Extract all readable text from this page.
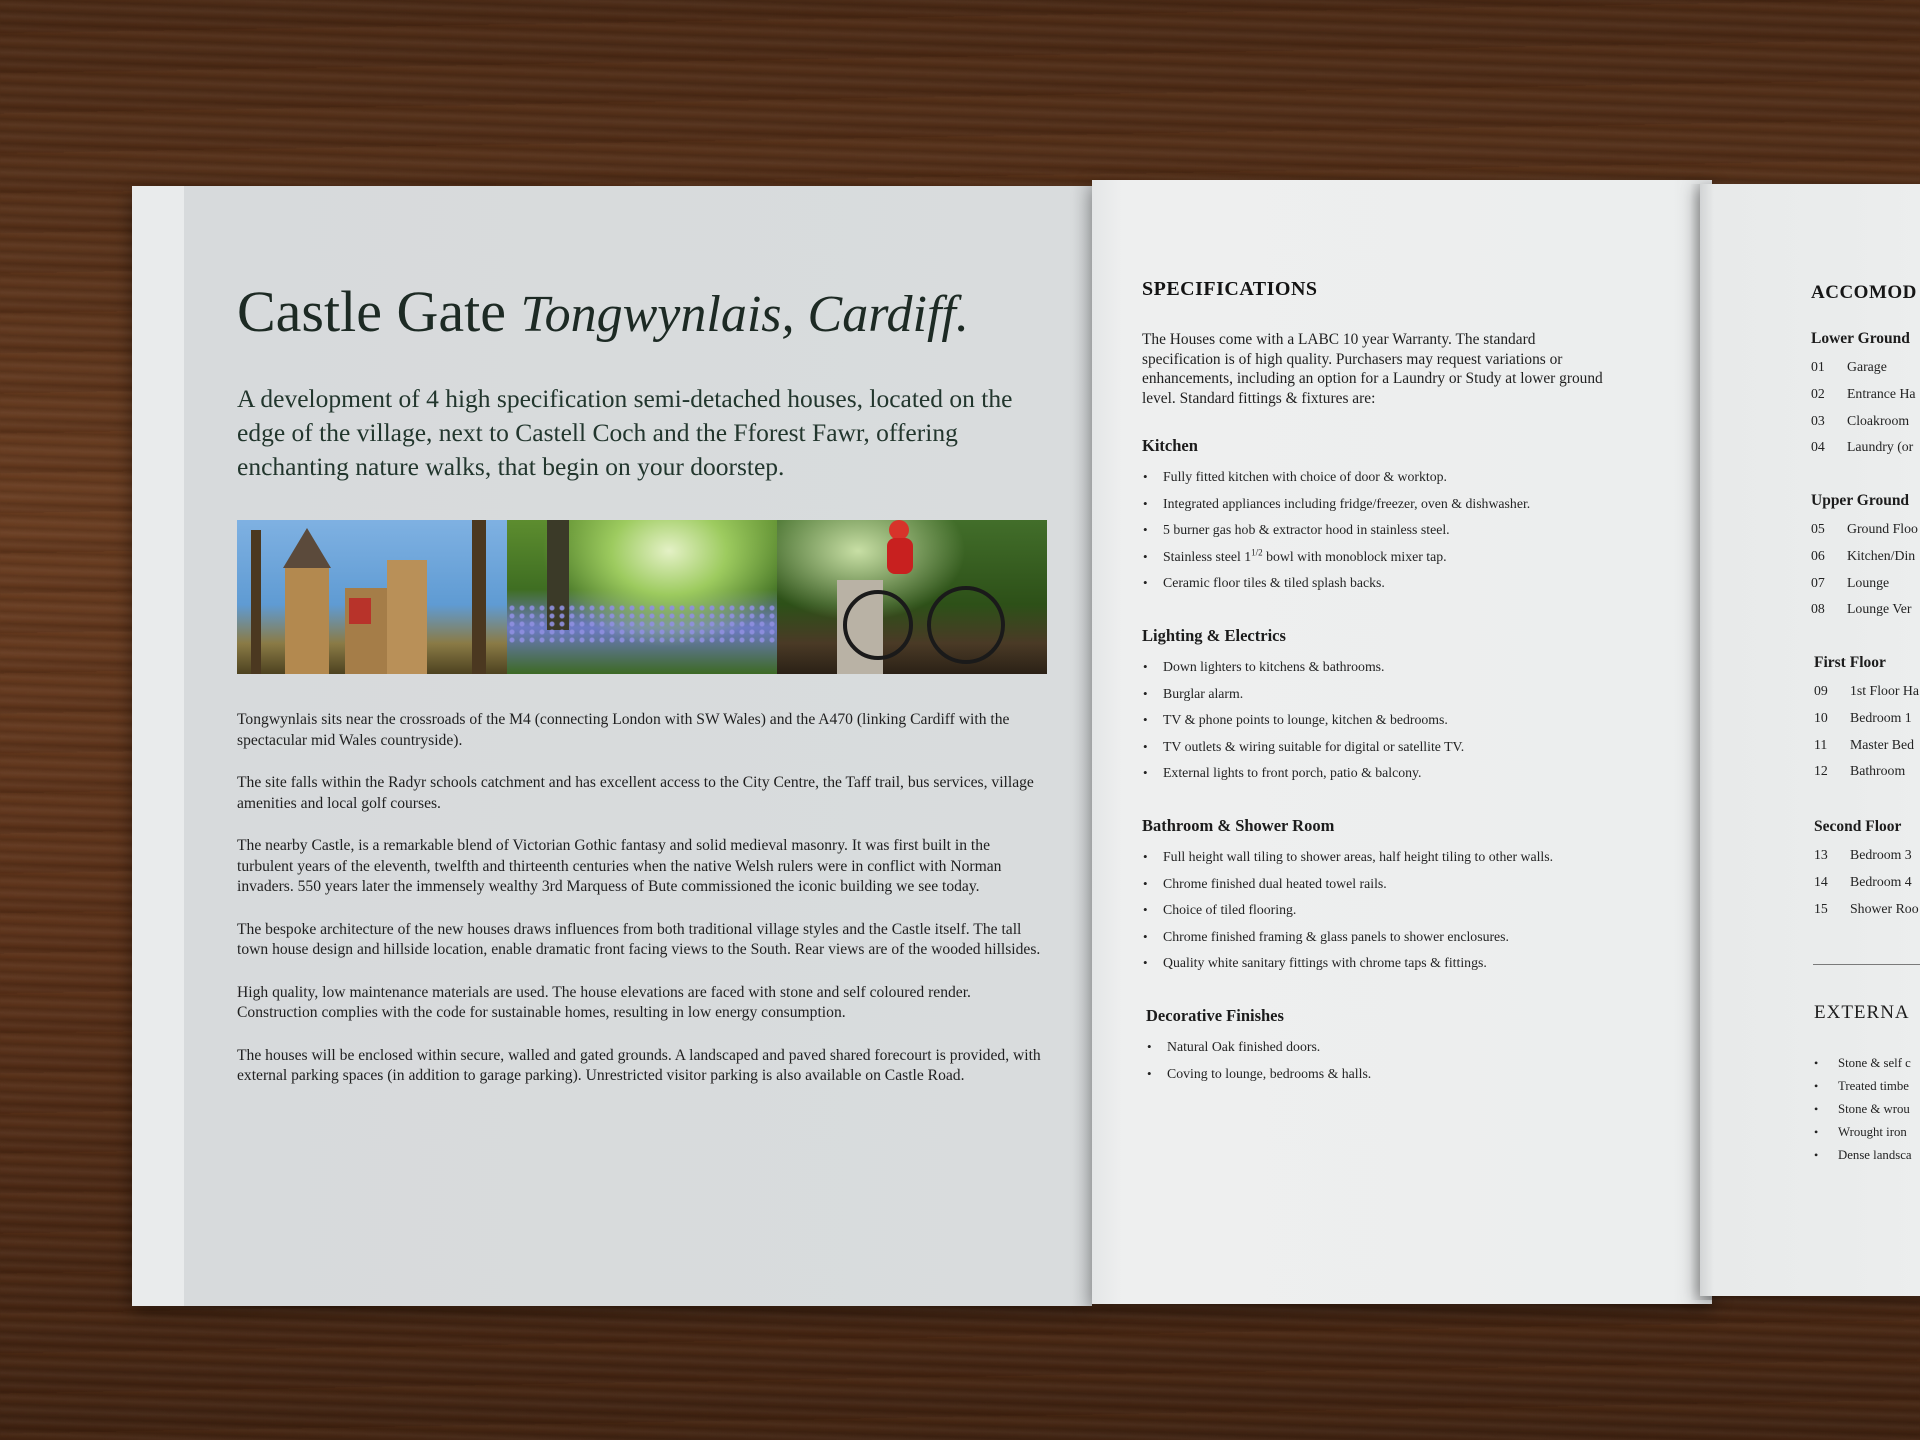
Castle Gate Tongwynlais, Cardiff.

A development of 4 high specification semi-detached houses, located on the edge of the village, next to Castell Coch and the Fforest Fawr, offering enchanting nature walks, that begin on your doorstep.

Tongwynlais sits near the crossroads of the M4 (connecting London with SW Wales) and the A470 (linking Cardiff with the spectacular mid Wales countryside).

The site falls within the Radyr schools catchment and has excellent access to the City Centre, the Taff trail, bus services, village amenities and local golf courses.

The nearby Castle, is a remarkable blend of Victorian Gothic fantasy and solid medieval masonry. It was first built in the turbulent years of the eleventh, twelfth and thirteenth centuries when the native Welsh rulers were in conflict with Norman invaders. 550 years later the immensely wealthy 3rd Marquess of Bute commissioned the iconic building we see today.

The bespoke architecture of the new houses draws influences from both traditional village styles and the Castle itself. The tall town house design and hillside location, enable dramatic front facing views to the South. Rear views are of the wooded hillsides.

High quality, low maintenance materials are used. The house elevations are faced with stone and self coloured render. Construction complies with the code for sustainable homes, resulting in low energy consumption.

The houses will be enclosed within secure, walled and gated grounds. A landscaped and paved shared forecourt is provided, with external parking spaces (in addition to garage parking). Unrestricted visitor parking is also available on Castle Road.

SPECIFICATIONS

The Houses come with a LABC 10 year Warranty. The standard specification is of high quality. Purchasers may request variations or enhancements, including an option for a Laundry or Study at lower ground level. Standard fittings & fixtures are:

Kitchen
• Fully fitted kitchen with choice of door & worktop.
• Integrated appliances including fridge/freezer, oven & dishwasher.
• 5 burner gas hob & extractor hood in stainless steel.
• Stainless steel $1^{1/2}$ bowl with monoblock mixer tap.
• Ceramic floor tiles & tiled splash backs.
Lighting & Electrics
• Down lighters to kitchens & bathrooms.
• Burglar alarm.
• TV & phone points to lounge, kitchen & bedrooms.
• TV outlets & wiring suitable for digital or satellite TV.
• External lights to front porch, patio & balcony.
Bathroom & Shower Room
• Full height wall tiling to shower areas, half height tiling to other walls.
• Chrome finished dual heated towel rails.
• Choice of tiled flooring.
• Chrome finished framing & glass panels to shower enclosures.
• Quality white sanitary fittings with chrome taps & fittings.
Decorative Finishes
• Natural Oak finished doors.
• Coving to lounge, bedrooms & halls.
ACCOMOD
Lower Ground
01 Garage
02 Entrance Ha
03 Cloakroom
04 Laundry (or
Upper Ground
05 Ground Floo
06 Kitchen/Din
07 Lounge
08 Lounge Ver
First Floor
09 1st Floor Ha
10 Bedroom 1
11 Master Bed
12 Bathroom
Second Floor
13 Bedroom 3
14 Bedroom 4
15 Shower Roo
EXTERNA
• Stone & self c
• Treated timbe
• Stone & wrou
• Wrought iron
• Dense landsca
